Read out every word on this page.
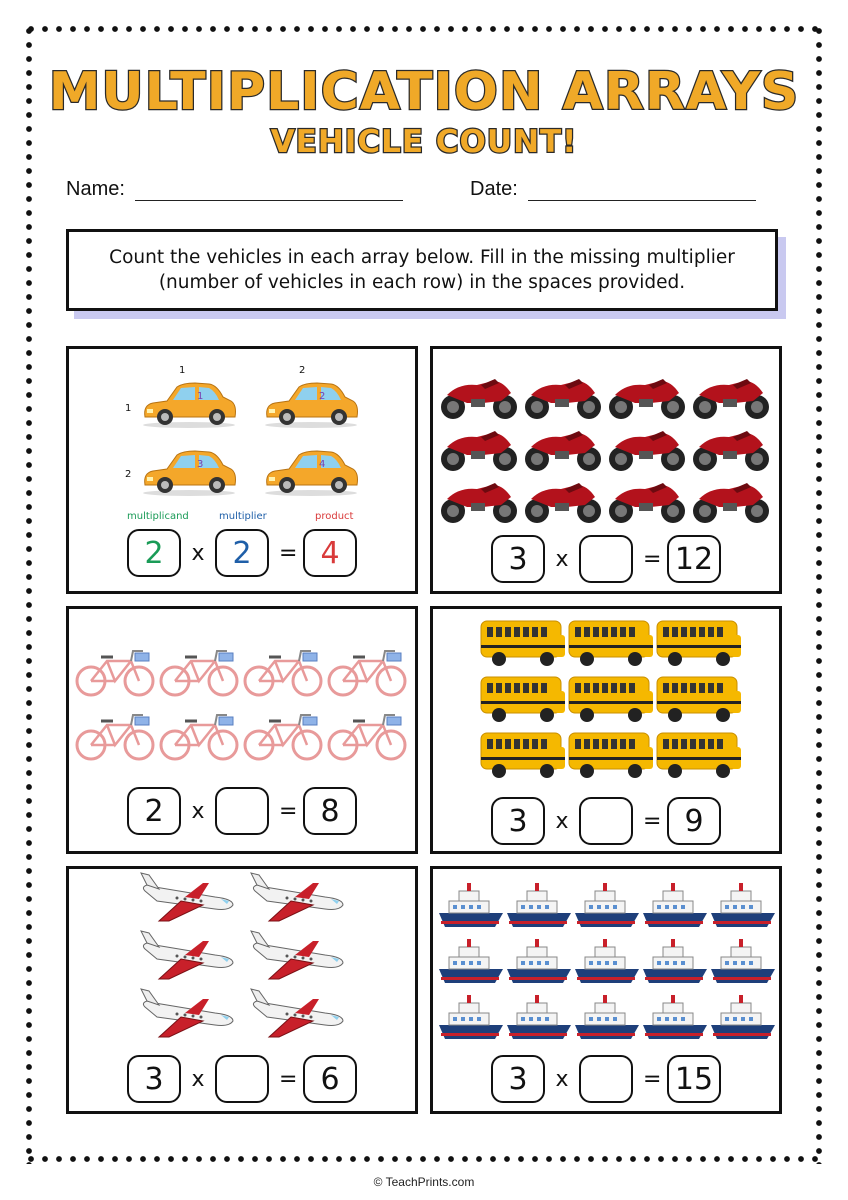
MULTIPLICATION ARRAYS
VEHICLE COUNT!
Name:	Date:
Count the vehicles in each array below. Fill in the missing multiplier (number of vehicles in each row) in the spaces provided.
1	2
1
2
1	2
3	4
multiplicand	multiplier	product
2	x 2	= 4	3	x	= 12
2	x	= 8	3	x	= 9
3	x	= 6	3	x	= 15
© TeachPrints.com
